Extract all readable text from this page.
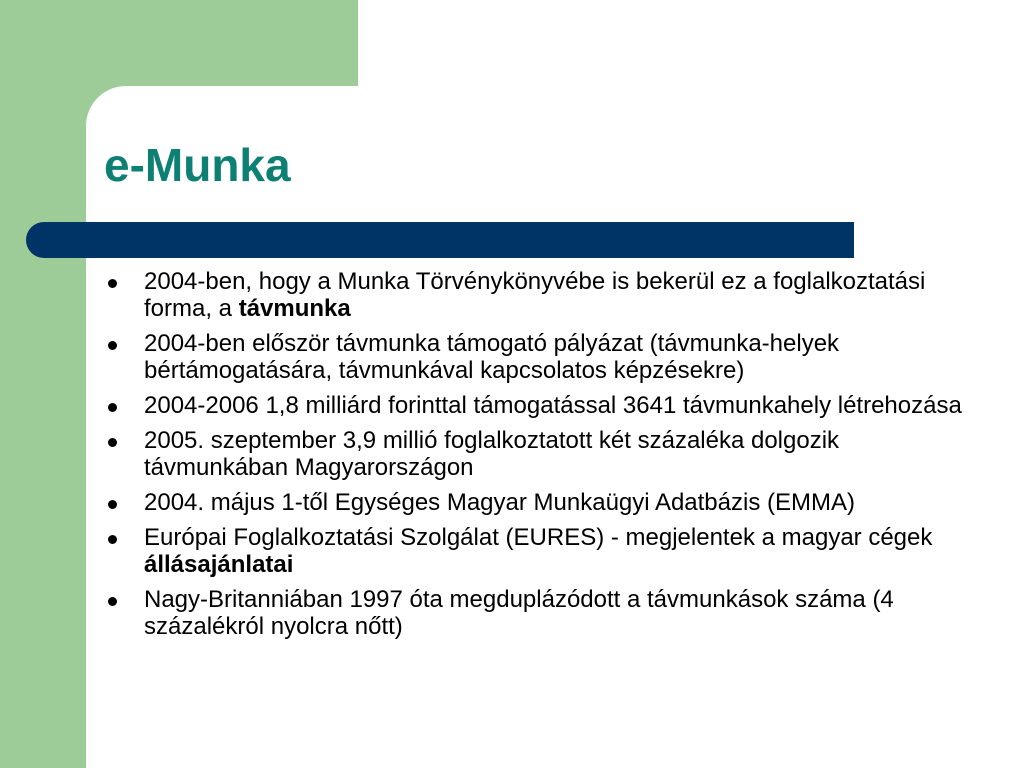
e-Munka
2004-ben, hogy a Munka Törvénykönyvébe is bekerül ez a foglalkoztatási forma, a távmunka
2004-ben először távmunka támogató pályázat (távmunka-helyek bértámogatására, távmunkával kapcsolatos képzésekre)
2004-2006 1,8 milliárd forinttal támogatással 3641 távmunkahely létrehozása
2005. szeptember 3,9 millió foglalkoztatott két százaléka dolgozik távmunkában Magyarországon
2004. május 1-től Egységes Magyar Munkaügyi Adatbázis (EMMA)
Európai Foglalkoztatási Szolgálat (EURES) - megjelentek a magyar cégek állásajánlatai
Nagy-Britanniában 1997 óta megduplázódott a távmunkások száma (4 százalékról nyolcra nőtt)
